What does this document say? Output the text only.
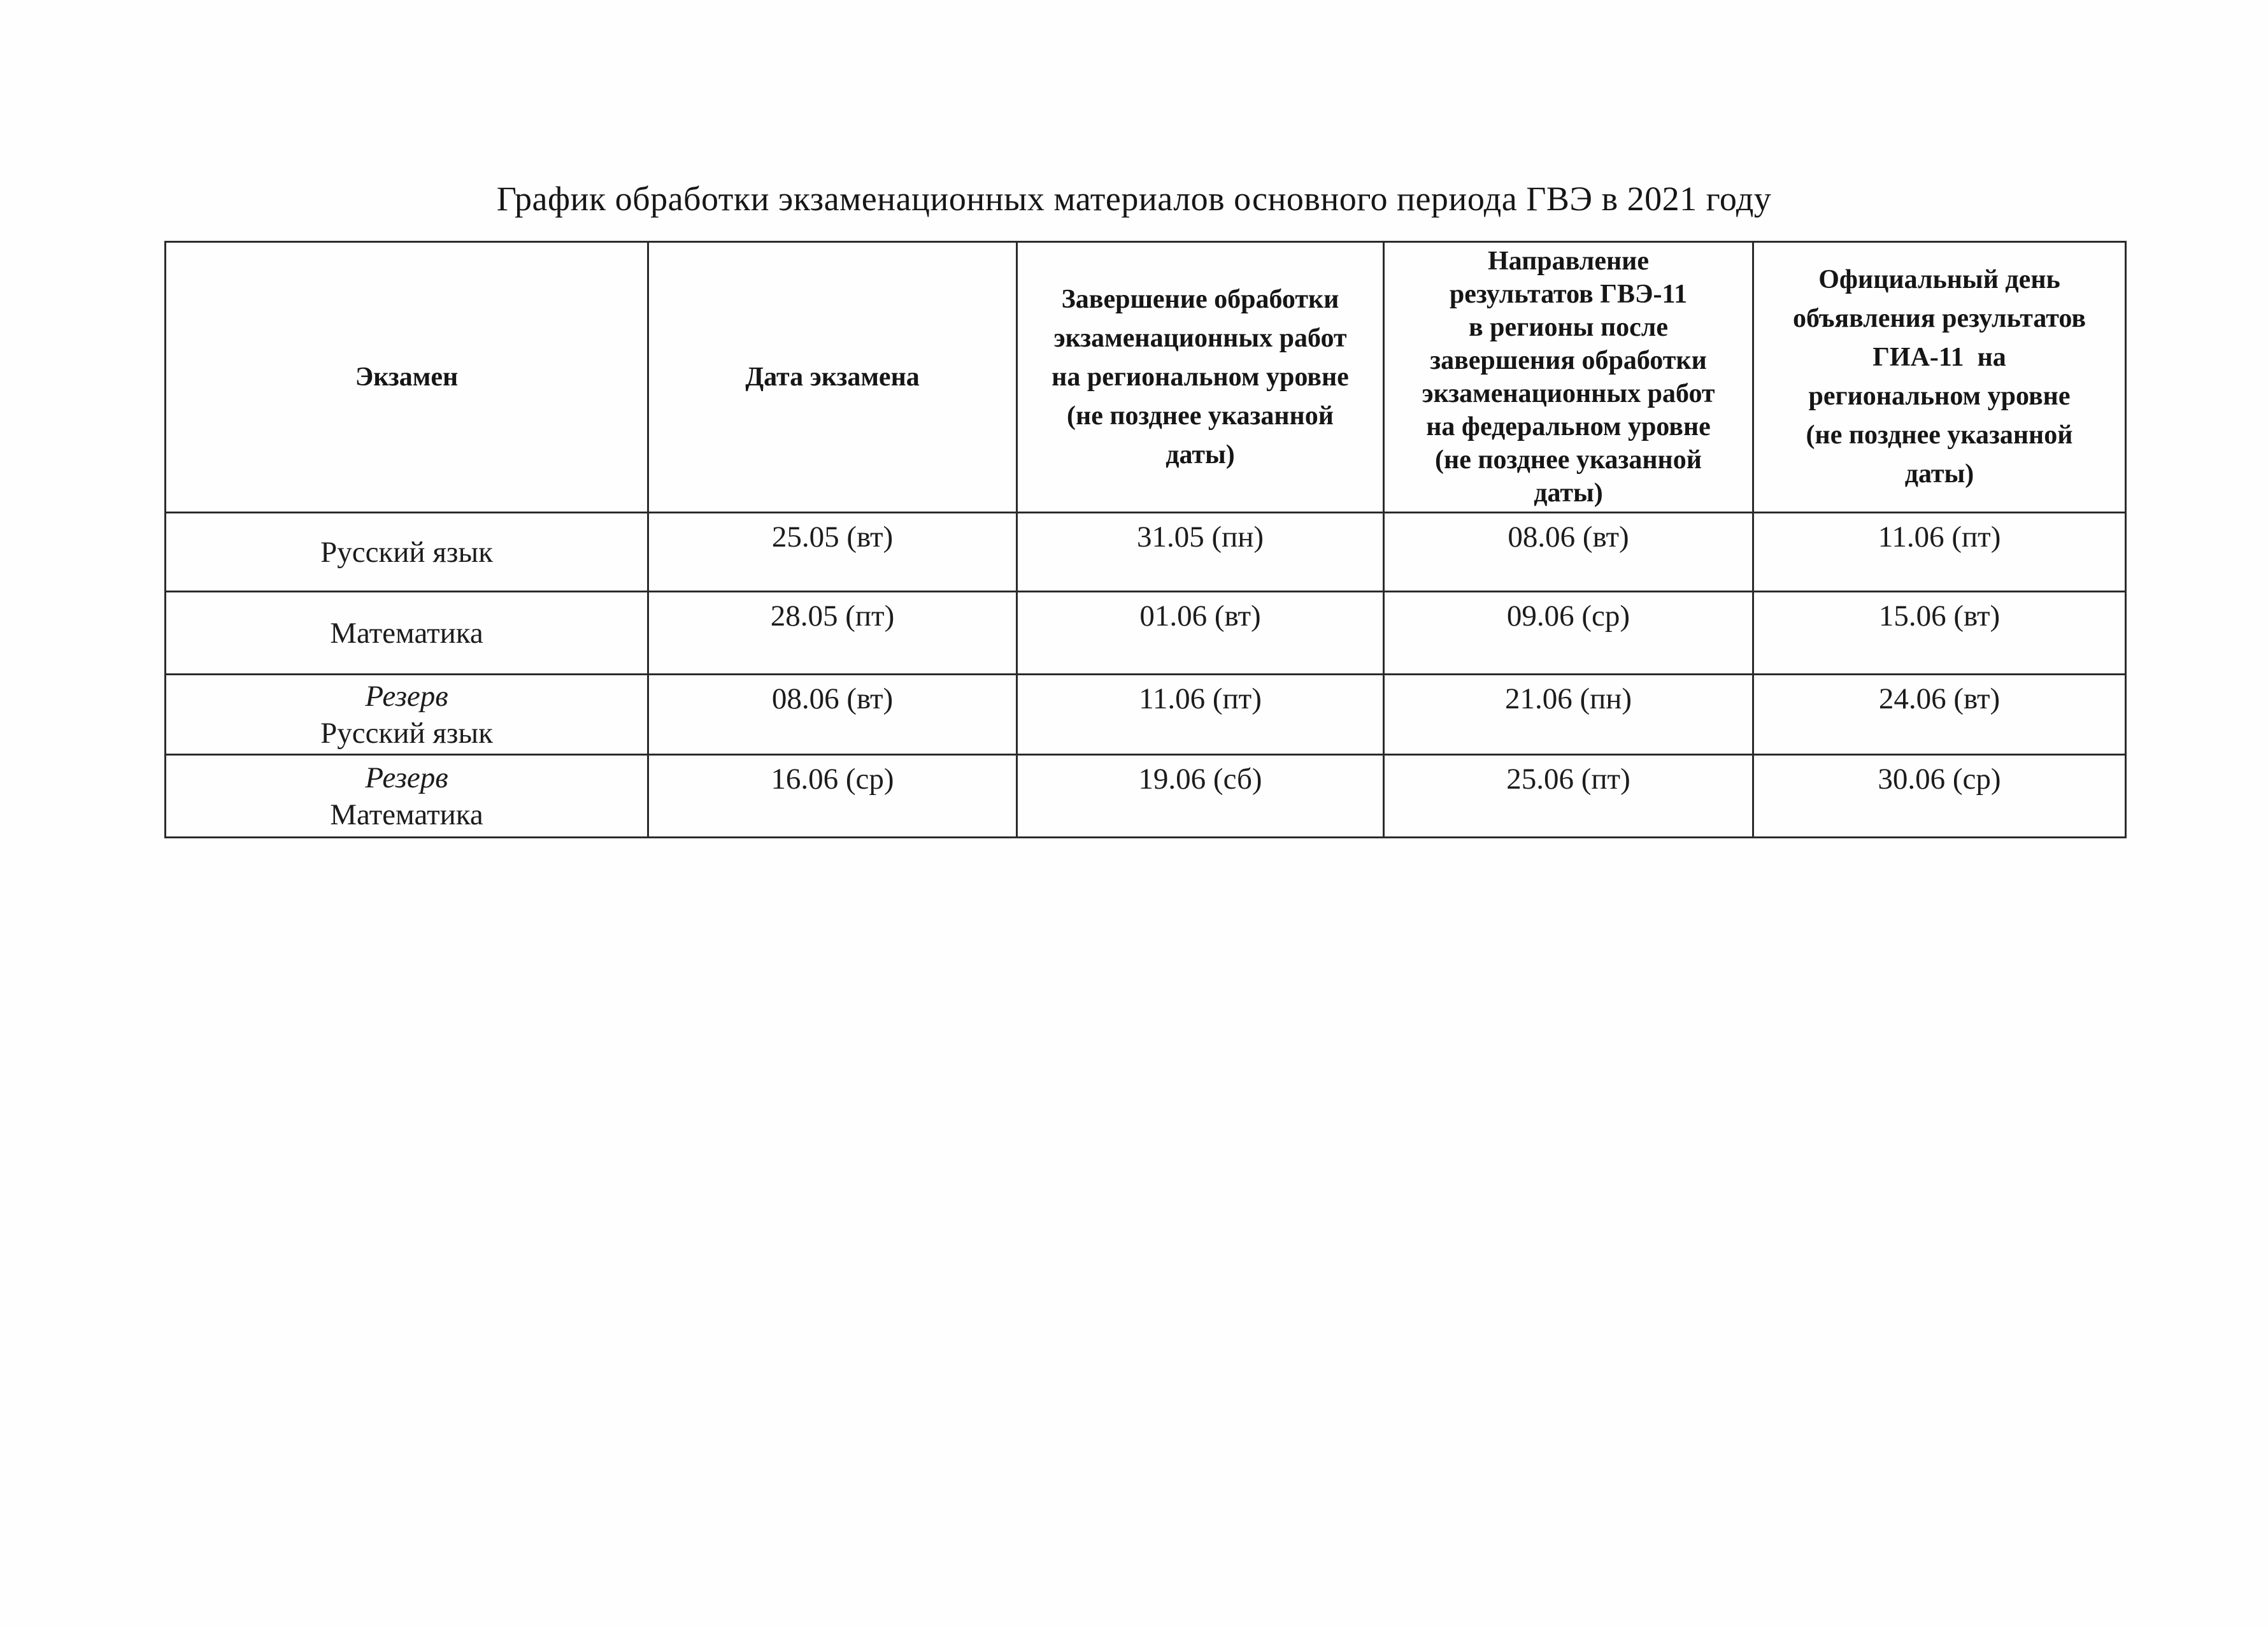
График обработки экзаменационных материалов основного периода ГВЭ в 2021 году
Экзамен	Дата экзамена	Завершение обработки
экзаменационных работ
на региональном уровне
(не позднее указанной
даты)	Направление
результатов ГВЭ-11
в регионы после
завершения обработки
экзаменационных работ
на федеральном уровне
(не позднее указанной
даты)	Официальный день
объявления результатов
ГИА-11  на
региональном уровне
(не позднее указанной
даты)

Русский язык	25.05 (вт)	31.05 (пн)	08.06 (вт)	11.06 (пт)

Математика	28.05 (пт)	01.06 (вт)	09.06 (ср)	15.06 (вт)

Резерв
Русский язык	08.06 (вт)	11.06 (пт)	21.06 (пн)	24.06 (вт)

Резерв
Математика	16.06 (ср)	19.06 (сб)	25.06 (пт)	30.06 (ср)
